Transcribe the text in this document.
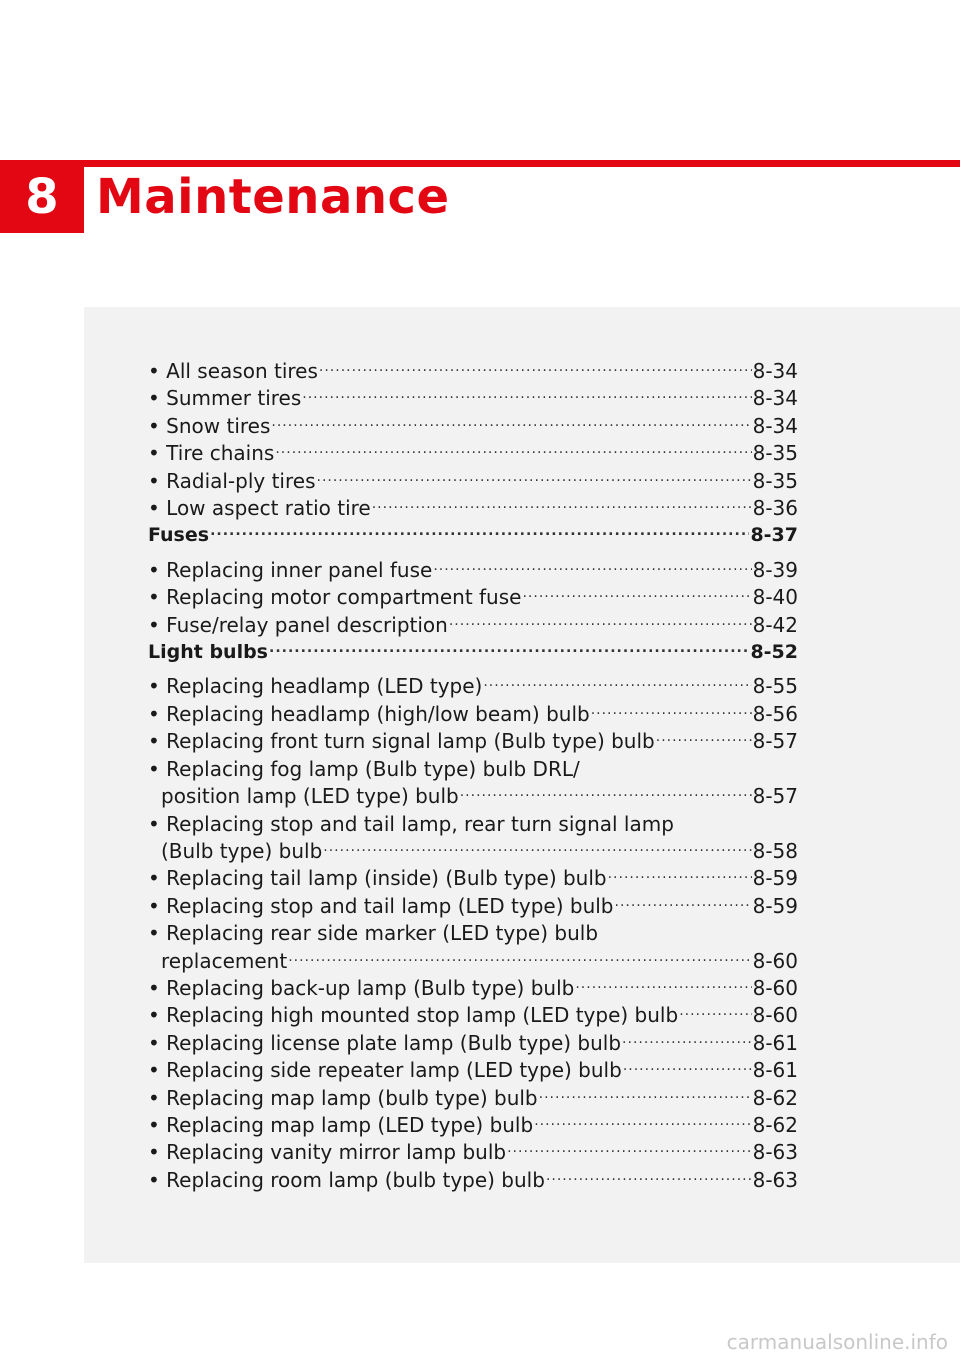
8 Maintenance
• All season tires .....	8-34
• Summer tires .....	8-34
• Snow tires .....	8-34
• Tire chains .....	8-35
• Radial-ply tires .....	8-35
• Low aspect ratio tire .....	8-36
Fuses .....	8-37
• Replacing inner panel fuse .....	8-39
• Replacing motor compartment fuse .....	8-40
• Fuse/relay panel description .....	8-42
Light bulbs .....	8-52
• Replacing headlamp (LED type) .....	8-55
• Replacing headlamp (high/low beam) bulb .....	8-56
• Replacing front turn signal lamp (Bulb type) bulb .....	8-57
• Replacing fog lamp (Bulb type) bulb DRL/
position lamp (LED type) bulb .....	8-57
• Replacing stop and tail lamp, rear turn signal lamp
(Bulb type) bulb .....	8-58
• Replacing tail lamp (inside) (Bulb type) bulb .....	8-59
• Replacing stop and tail lamp (LED type) bulb .....	8-59
• Replacing rear side marker (LED type) bulb
replacement .....	8-60
• Replacing back-up lamp (Bulb type) bulb .....	8-60
• Replacing high mounted stop lamp (LED type) bulb .....	8-60
• Replacing license plate lamp (Bulb type) bulb .....	8-61
• Replacing side repeater lamp (LED type) bulb .....	8-61
• Replacing map lamp (bulb type) bulb .....	8-62
• Replacing map lamp (LED type) bulb .....	8-62
• Replacing vanity mirror lamp bulb .....	8-63
• Replacing room lamp (bulb type) bulb .....	8-63
carmanualsonline.info
